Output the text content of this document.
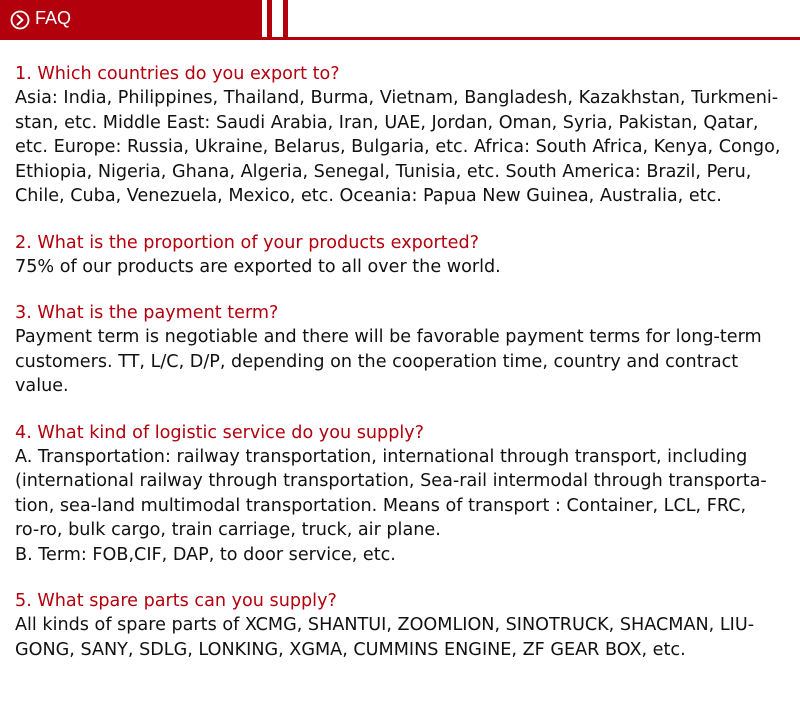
FAQ

1. Which countries do you export to?

Asia: India, Philippines, Thailand, Burma, Vietnam, Bangladesh, Kazakhstan, Turkmeni-
stan, etc. Middle East: Saudi Arabia, Iran, UAE, Jordan, Oman, Syria, Pakistan, Qatar,
etc. Europe: Russia, Ukraine, Belarus, Bulgaria, etc. Africa: South Africa, Kenya, Congo,
Ethiopia, Nigeria, Ghana, Algeria, Senegal, Tunisia, etc. South America: Brazil, Peru,
Chile, Cuba, Venezuela, Mexico, etc. Oceania: Papua New Guinea, Australia, etc.

2. What is the proportion of your products exported?

75% of our products are exported to all over the world.

3. What is the payment term?

Payment term is negotiable and there will be favorable payment terms for long-term
customers. TT, L/C, D/P, depending on the cooperation time, country and contract
value.

4. What kind of logistic service do you supply?

A. Transportation: railway transportation, international through transport, including
(international railway through transportation, Sea-rail intermodal through transporta-
tion, sea-land multimodal transportation. Means of transport : Container, LCL, FRC,
ro-ro, bulk cargo, train carriage, truck, air plane.
B. Term: FOB,CIF, DAP, to door service, etc.

5. What spare parts can you supply?

All kinds of spare parts of XCMG, SHANTUI, ZOOMLION, SINOTRUCK, SHACMAN, LIU-
GONG, SANY, SDLG, LONKING, XGMA, CUMMINS ENGINE, ZF GEAR BOX, etc.
